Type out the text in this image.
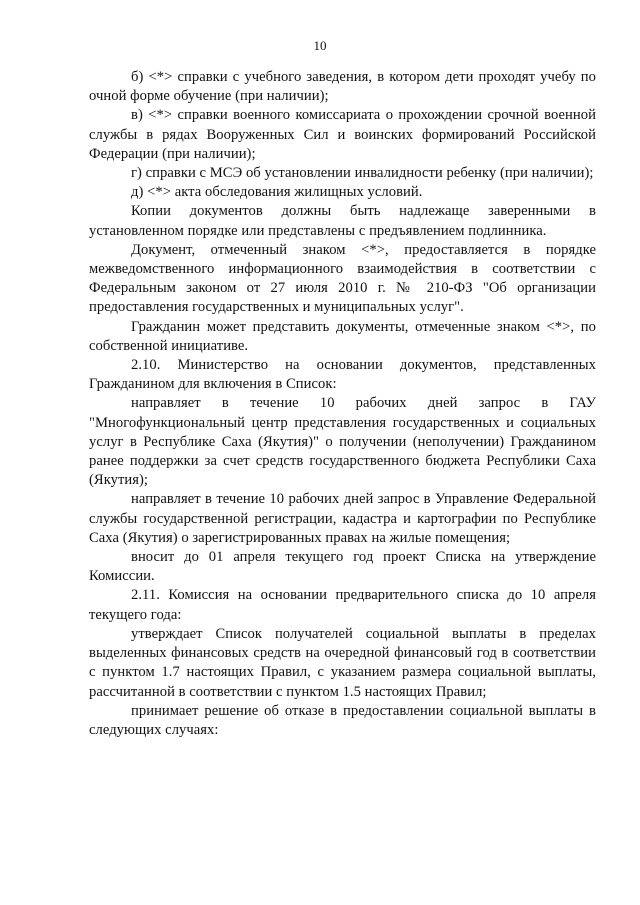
10

б) <*> справки с учебного заведения, в котором дети проходят учебу по очной форме обучение (при наличии);

в) <*> справки военного комиссариата о прохождении срочной военной службы в рядах Вооруженных Сил и воинских формирований Российской Федерации (при наличии);

г) справки с МСЭ об установлении инвалидности ребенку (при наличии);

д) <*> акта обследования жилищных условий.

Копии документов должны быть надлежаще заверенными в установленном порядке или представлены с предъявлением подлинника.

Документ, отмеченный знаком <*>, предоставляется в порядке межведомственного информационного взаимодействия в соответствии с Федеральным законом от 27 июля 2010 г. № 210-ФЗ "Об организации предоставления государственных и муниципальных услуг".

Гражданин может представить документы, отмеченные знаком <*>, по собственной инициативе.

2.10. Министерство на основании документов, представленных Гражданином для включения в Список:

направляет в течение 10 рабочих дней запрос в ГАУ "Многофункциональный центр представления государственных и социальных услуг в Республике Саха (Якутия)" о получении (неполучении) Гражданином ранее поддержки за счет средств государственного бюджета Республики Саха (Якутия);

направляет в течение 10 рабочих дней запрос в Управление Федеральной службы государственной регистрации, кадастра и картографии по Республике Саха (Якутия) о зарегистрированных правах на жилые помещения;

вносит до 01 апреля текущего год проект Списка на утверждение Комиссии.

2.11. Комиссия на основании предварительного списка до 10 апреля текущего года:

утверждает Список получателей социальной выплаты в пределах выделенных финансовых средств на очередной финансовый год в соответствии с пунктом 1.7 настоящих Правил, с указанием размера социальной выплаты, рассчитанной в соответствии с пунктом 1.5 настоящих Правил;

принимает решение об отказе в предоставлении социальной выплаты в следующих случаях:
